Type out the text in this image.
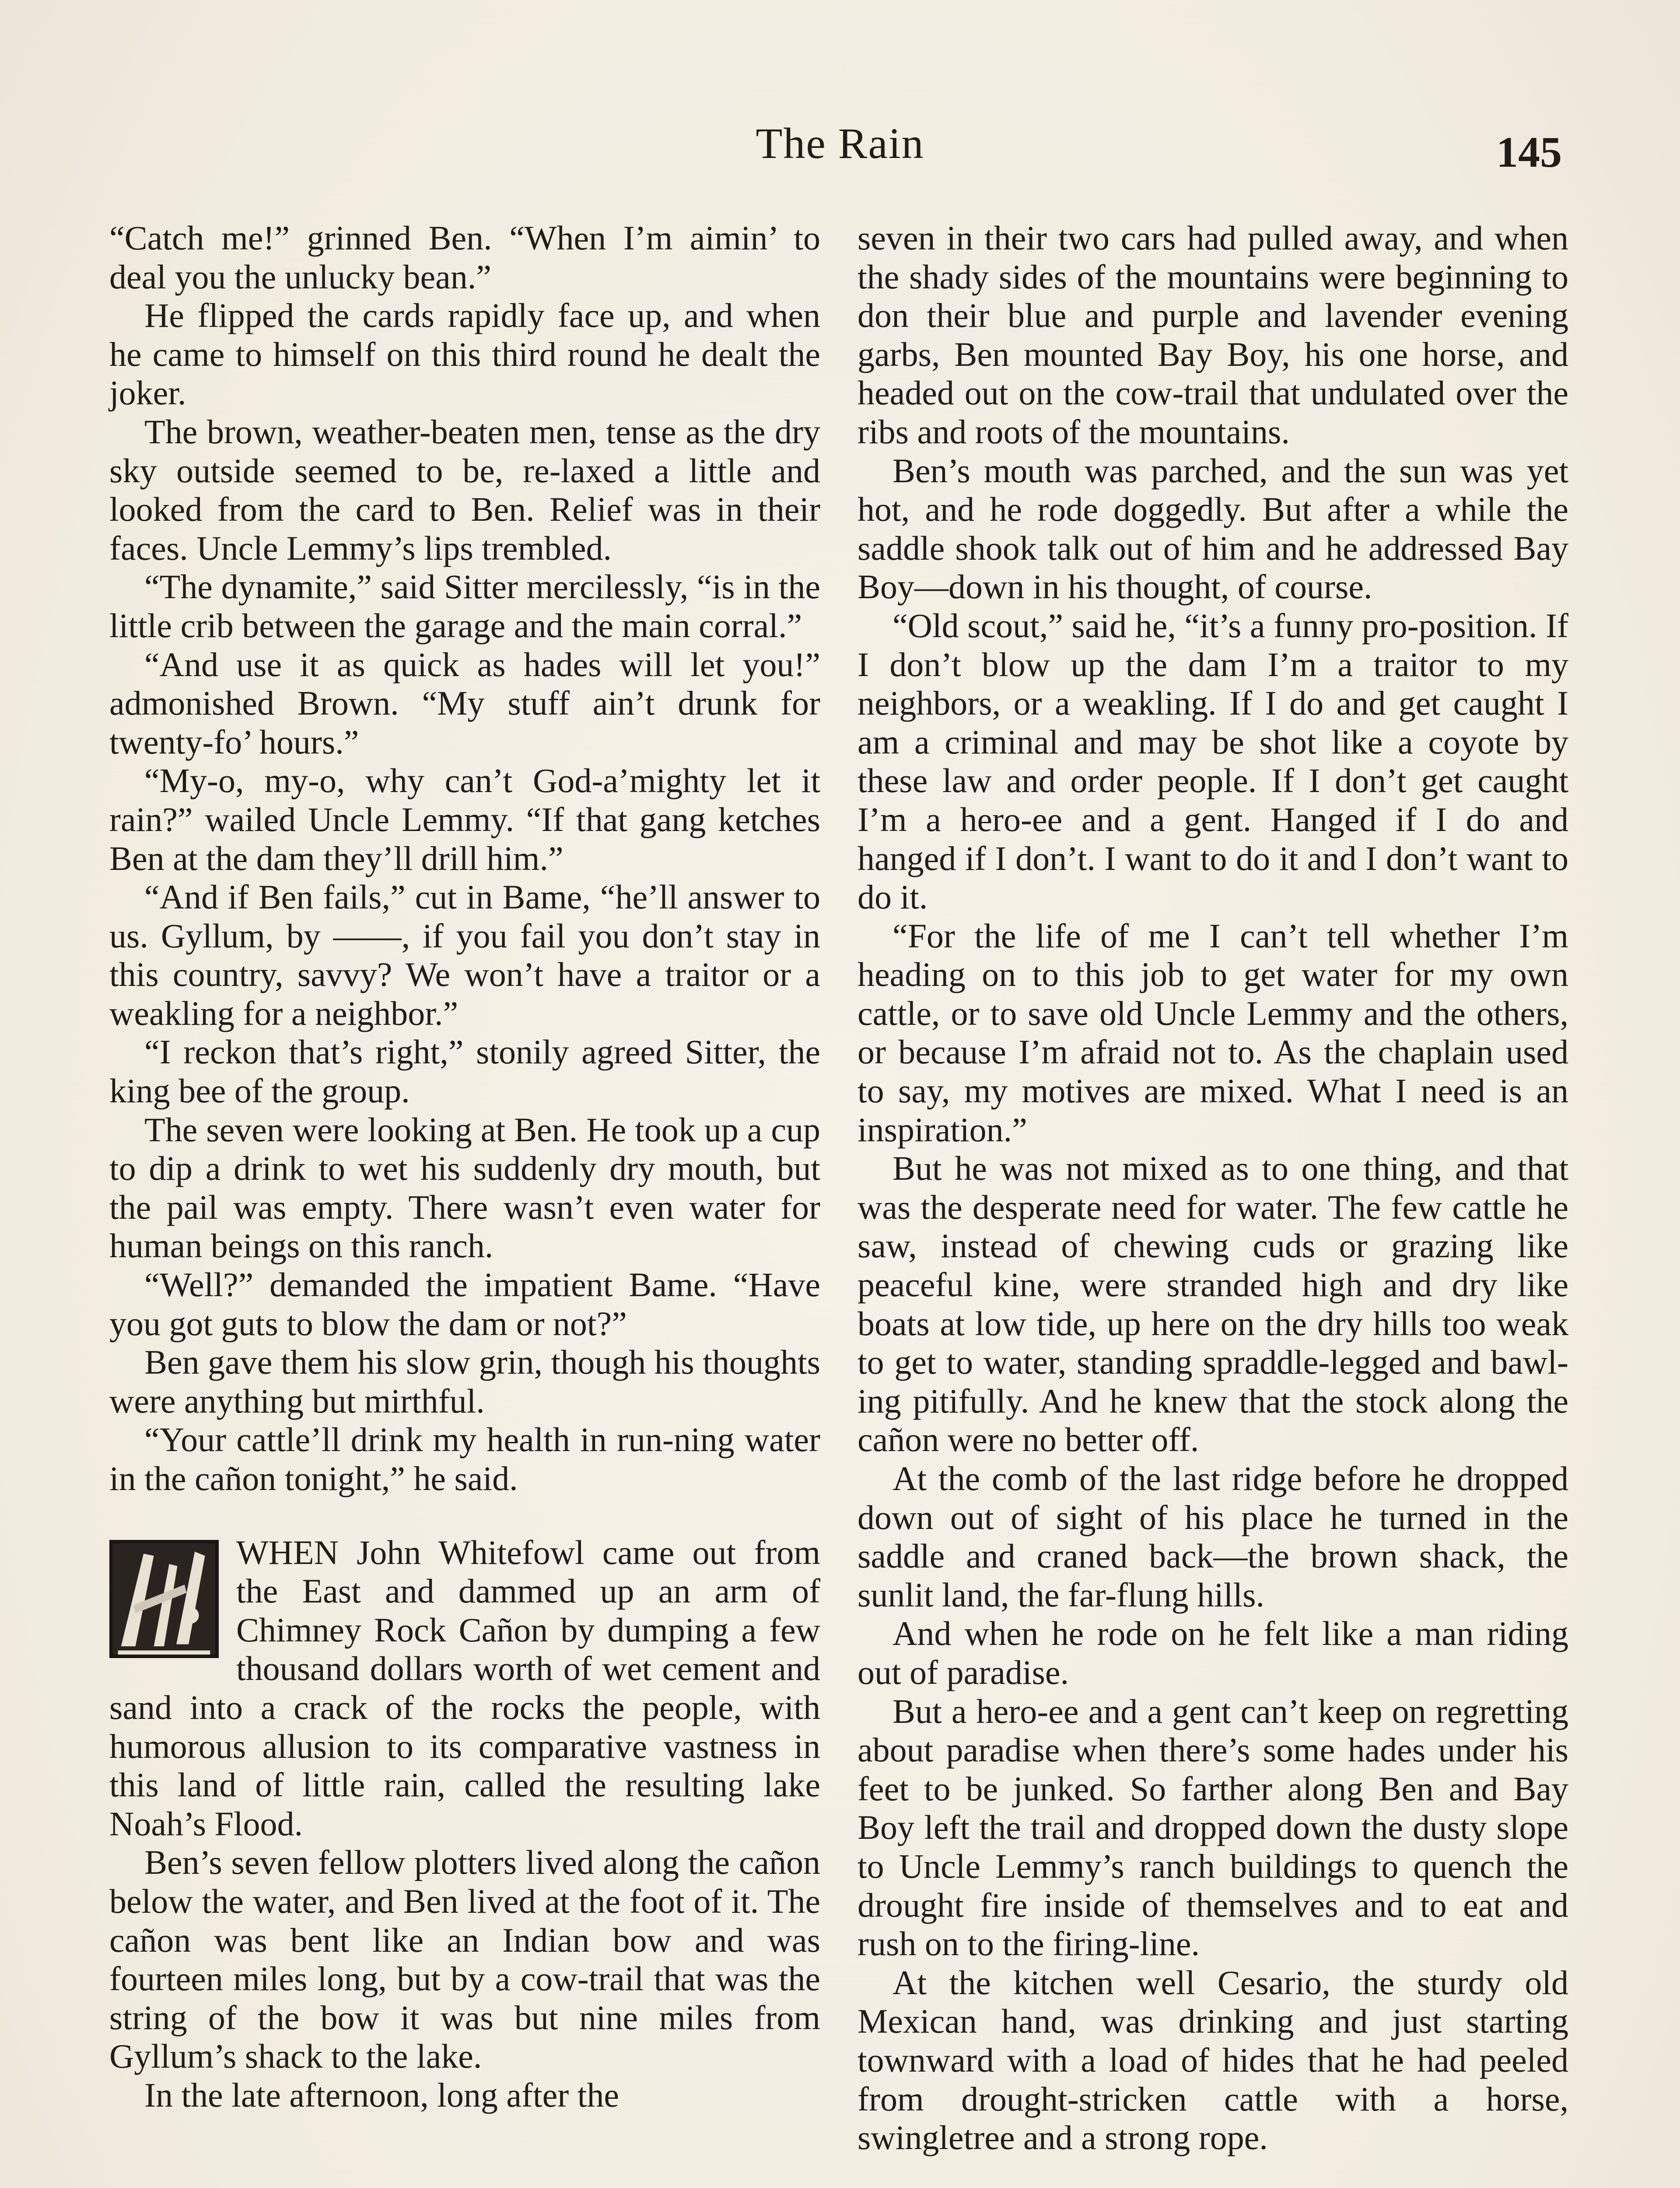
The Rain	145

“Catch me!” grinned Ben. “When I’m aimin’ to deal you the unlucky bean.”

He flipped the cards rapidly face up, and when he came to himself on this third round he dealt the joker.

The brown, weather-beaten men, tense as the dry sky outside seemed to be, re-laxed a little and looked from the card to Ben. Relief was in their faces. Uncle Lemmy’s lips trembled.

“The dynamite,” said Sitter mercilessly, “is in the little crib between the garage and the main corral.”

“And use it as quick as hades will let you!” admonished Brown. “My stuff ain’t drunk for twenty-fo’ hours.”

“My-o, my-o, why can’t God-a’mighty let it rain?” wailed Uncle Lemmy. “If that gang ketches Ben at the dam they’ll drill him.”

“And if Ben fails,” cut in Bame, “he’ll answer to us. Gyllum, by ——, if you fail you don’t stay in this country, savvy? We won’t have a traitor or a weakling for a neighbor.”

“I reckon that’s right,” stonily agreed Sitter, the king bee of the group.

The seven were looking at Ben. He took up a cup to dip a drink to wet his suddenly dry mouth, but the pail was empty. There wasn’t even water for human beings on this ranch.

“Well?” demanded the impatient Bame. “Have you got guts to blow the dam or not?”

Ben gave them his slow grin, though his thoughts were anything but mirthful.

“Your cattle’ll drink my health in run-ning water in the cañon tonight,” he said.

WHEN John Whitefowl came out from the East and dammed up an arm of Chimney Rock Cañon by dumping a few thousand dollars worth of wet cement and sand into a crack of the rocks the people, with humorous allusion to its comparative vastness in this land of little rain, called the resulting lake Noah’s Flood.

Ben’s seven fellow plotters lived along the cañon below the water, and Ben lived at the foot of it. The cañon was bent like an Indian bow and was fourteen miles long, but by a cow-trail that was the string of the bow it was but nine miles from Gyllum’s shack to the lake.

In the late afternoon, long after the

seven in their two cars had pulled away, and when the shady sides of the mountains were beginning to don their blue and purple and lavender evening garbs, Ben mounted Bay Boy, his one horse, and headed out on the cow-trail that undulated over the ribs and roots of the mountains.

Ben’s mouth was parched, and the sun was yet hot, and he rode doggedly. But after a while the saddle shook talk out of him and he addressed Bay Boy—down in his thought, of course.

“Old scout,” said he, “it’s a funny pro-position. If I don’t blow up the dam I’m a traitor to my neighbors, or a weakling. If I do and get caught I am a criminal and may be shot like a coyote by these law and order people. If I don’t get caught I’m a hero-ee and a gent. Hanged if I do and hanged if I don’t. I want to do it and I don’t want to do it.

“For the life of me I can’t tell whether I’m heading on to this job to get water for my own cattle, or to save old Uncle Lemmy and the others, or because I’m afraid not to. As the chaplain used to say, my motives are mixed. What I need is an inspiration.”

But he was not mixed as to one thing, and that was the desperate need for water. The few cattle he saw, instead of chewing cuds or grazing like peaceful kine, were stranded high and dry like boats at low tide, up here on the dry hills too weak to get to water, standing spraddle-legged and bawl-ing pitifully. And he knew that the stock along the cañon were no better off.

At the comb of the last ridge before he dropped down out of sight of his place he turned in the saddle and craned back—the brown shack, the sunlit land, the far-flung hills.

And when he rode on he felt like a man riding out of paradise.

But a hero-ee and a gent can’t keep on regretting about paradise when there’s some hades under his feet to be junked. So farther along Ben and Bay Boy left the trail and dropped down the dusty slope to Uncle Lemmy’s ranch buildings to quench the drought fire inside of themselves and to eat and rush on to the firing-line.

At the kitchen well Cesario, the sturdy old Mexican hand, was drinking and just starting townward with a load of hides that he had peeled from drought-stricken cattle with a horse, swingletree and a strong rope.
